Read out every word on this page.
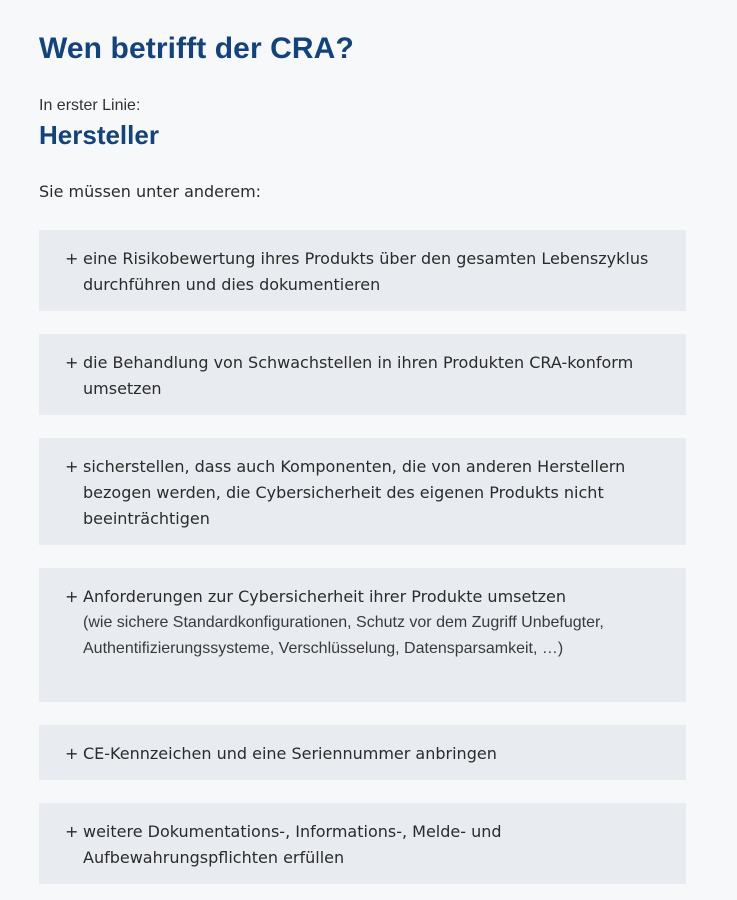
Wen betrifft der CRA?
In erster Linie:
Hersteller

Sie müssen unter anderem:

+ eine Risikobewertung ihres Produkts über den gesamten Lebenszyklus durchführen und dies dokumentieren
+ die Behandlung von Schwachstellen in ihren Produkten CRA-konform umsetzen
+ sicherstellen, dass auch Komponenten, die von anderen Herstellern bezogen werden, die Cybersicherheit des eigenen Produkts nicht beeinträchtigen
+ Anforderungen zur Cybersicherheit ihrer Produkte umsetzen
(wie sichere Standardkonfigurationen, Schutz vor dem Zugriff Unbefugter, Authentifizierungssysteme, Verschlüsselung, Datensparsamkeit, …)
+ CE-Kennzeichen und eine Seriennummer anbringen
+ weitere Dokumentations-, Informations-, Melde- und Aufbewahrungspflichten erfüllen
